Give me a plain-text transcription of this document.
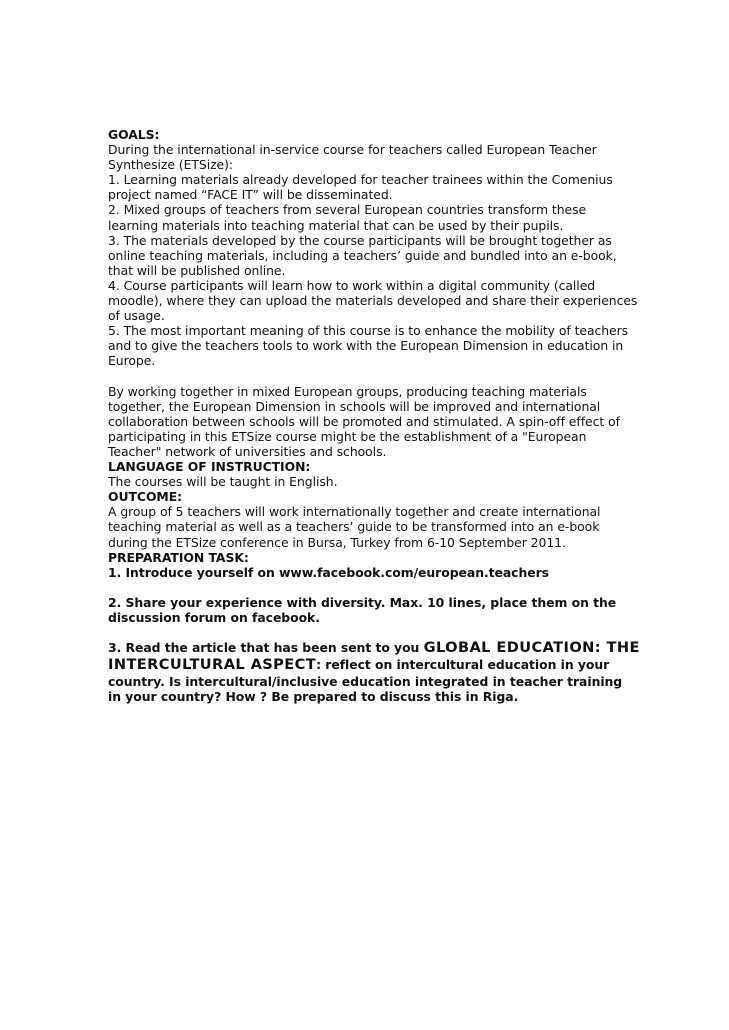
GOALS:
During the international in-service course for teachers called European Teacher
Synthesize (ETSize):
1. Learning materials already developed for teacher trainees within the Comenius
project named “FACE IT” will be disseminated.
2. Mixed groups of teachers from several European countries transform these
learning materials into teaching material that can be used by their pupils.
3. The materials developed by the course participants will be brought together as
online teaching materials, including a teachers’ guide and bundled into an e-book,
that will be published online.
4. Course participants will learn how to work within a digital community (called
moodle), where they can upload the materials developed and share their experiences
of usage.
5. The most important meaning of this course is to enhance the mobility of teachers
and to give the teachers tools to work with the European Dimension in education in
Europe.
By working together in mixed European groups, producing teaching materials
together, the European Dimension in schools will be improved and international
collaboration between schools will be promoted and stimulated. A spin-off effect of
participating in this ETSize course might be the establishment of a "European
Teacher" network of universities and schools.
LANGUAGE OF INSTRUCTION:
The courses will be taught in English.
OUTCOME:
A group of 5 teachers will work internationally together and create international
teaching material as well as a teachers’ guide to be transformed into an e-book
during the ETSize conference in Bursa, Turkey from 6-10 September 2011.
PREPARATION TASK:
1. Introduce yourself on www.facebook.com/european.teachers
2. Share your experience with diversity. Max. 10 lines, place them on the
discussion forum on facebook.
3. Read the article that has been sent to you GLOBAL EDUCATION: THE
INTERCULTURAL ASPECT: reflect on intercultural education in your
country. Is intercultural/inclusive education integrated in teacher training
in your country? How ? Be prepared to discuss this in Riga.
